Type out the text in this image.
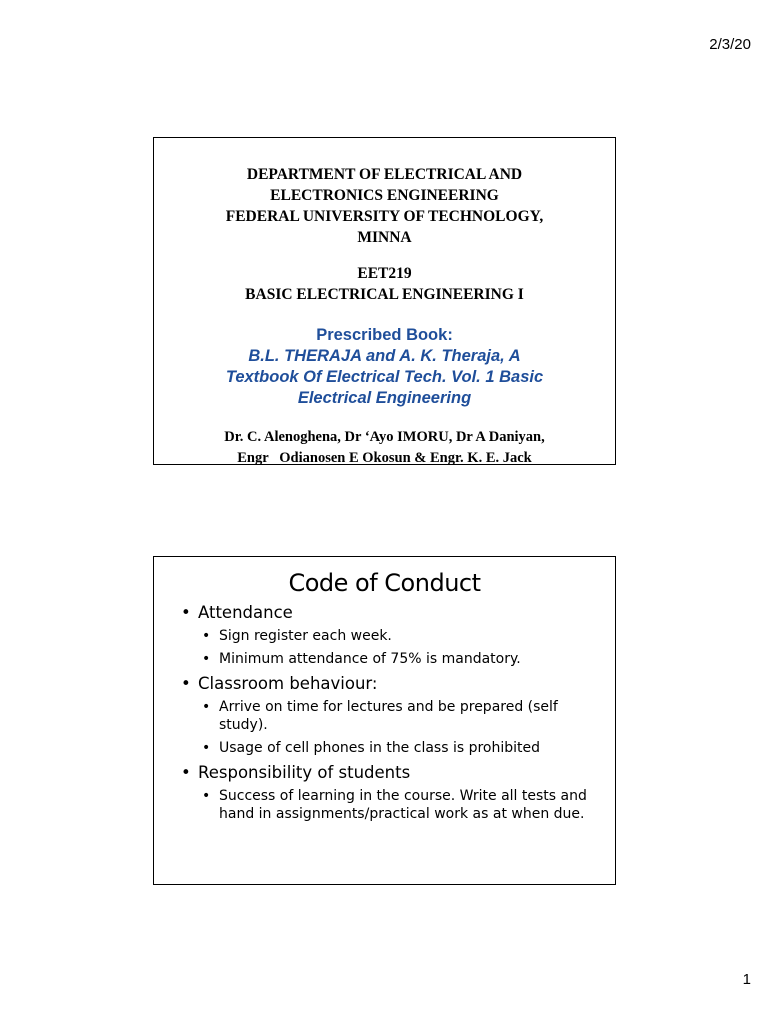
2/3/20
DEPARTMENT OF ELECTRICAL AND
ELECTRONICS ENGINEERING
FEDERAL UNIVERSITY OF TECHNOLOGY,
MINNA
EET219
BASIC ELECTRICAL ENGINEERING I
Prescribed Book:
B.L. THERAJA and A. K. Theraja, A
Textbook Of Electrical Tech. Vol. 1 Basic
Electrical Engineering
Dr. C. Alenoghena, Dr ‘Ayo IMORU, Dr A Daniyan,
Engr   Odianosen E Okosun & Engr. K. E. Jack
Code of Conduct
• Attendance
• Sign register each week.
• Minimum attendance of 75% is mandatory.
• Classroom behaviour:
• Arrive on time for lectures and be prepared (self study).
• Usage of cell phones in the class is prohibited
• Responsibility of students
• Success of learning in the course. Write all tests and hand in assignments/practical work as at when due.
1
